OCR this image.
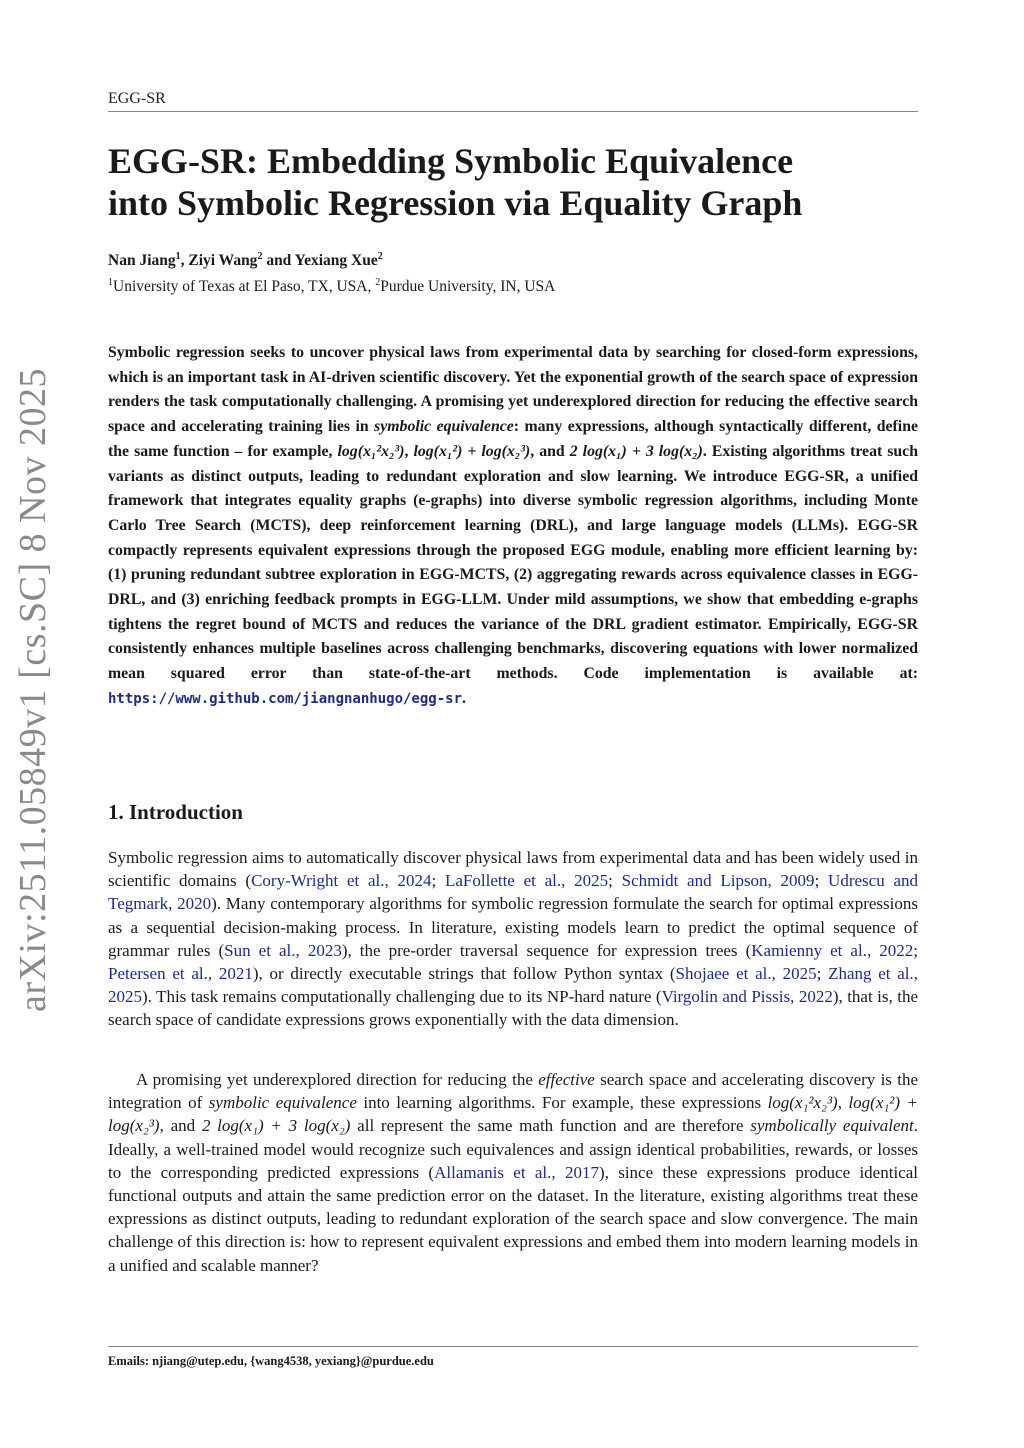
EGG-SR
EGG-SR: Embedding Symbolic Equivalence
into Symbolic Regression via Equality Graph
Nan Jiang$^1$, Ziyi Wang$^2$ and Yexiang Xue$^2$
$^1$University of Texas at El Paso, TX, USA, $^2$Purdue University, IN, USA

Symbolic regression seeks to uncover physical laws from experimental data by searching for closed-form expressions, which is an important task in AI-driven scientific discovery. Yet the exponential growth of the search space of expression renders the task computationally challenging. A promising yet underexplored direction for reducing the effective search space and accelerating training lies in symbolic equivalence: many expressions, although syntactically different, define the same function – for example, log(x₁²x₂³), log(x₁²) + log(x₂³), and 2 log(x₁) + 3 log(x₂). Existing algorithms treat such variants as distinct outputs, leading to redundant exploration and slow learning. We introduce EGG-SR, a unified framework that integrates equality graphs (e-graphs) into diverse symbolic regression algorithms, including Monte Carlo Tree Search (MCTS), deep reinforcement learning (DRL), and large language models (LLMs). EGG-SR compactly represents equivalent expressions through the proposed EGG module, enabling more efficient learning by: (1) pruning redundant subtree exploration in EGG-MCTS, (2) aggregating rewards across equivalence classes in EGG-DRL, and (3) enriching feedback prompts in EGG-LLM. Under mild assumptions, we show that embedding e-graphs tightens the regret bound of MCTS and reduces the variance of the DRL gradient estimator. Empirically, EGG-SR consistently enhances multiple baselines across challenging benchmarks, discovering equations with lower normalized mean squared error than state-of-the-art methods. Code implementation is available at: https://www.github.com/jiangnanhugo/egg-sr.

1. Introduction

Symbolic regression aims to automatically discover physical laws from experimental data and has been widely used in scientific domains (Cory-Wright et al., 2024; LaFollette et al., 2025; Schmidt and Lipson, 2009; Udrescu and Tegmark, 2020). Many contemporary algorithms for symbolic regression formulate the search for optimal expressions as a sequential decision-making process. In literature, existing models learn to predict the optimal sequence of grammar rules (Sun et al., 2023), the pre-order traversal sequence for expression trees (Kamienny et al., 2022; Petersen et al., 2021), or directly executable strings that follow Python syntax (Shojaee et al., 2025; Zhang et al., 2025). This task remains computationally challenging due to its NP-hard nature (Virgolin and Pissis, 2022), that is, the search space of candidate expressions grows exponentially with the data dimension.

A promising yet underexplored direction for reducing the effective search space and accelerating discovery is the integration of symbolic equivalence into learning algorithms. For example, these expressions log(x₁²x₂³), log(x₁²) + log(x₂³), and 2 log(x₁) + 3 log(x₂) all represent the same math function and are therefore symbolically equivalent. Ideally, a well-trained model would recognize such equivalences and assign identical probabilities, rewards, or losses to the corresponding predicted expressions (Allamanis et al., 2017), since these expressions produce identical functional outputs and attain the same prediction error on the dataset. In the literature, existing algorithms treat these expressions as distinct outputs, leading to redundant exploration of the search space and slow convergence. The main challenge of this direction is: how to represent equivalent expressions and embed them into modern learning models in a unified and scalable manner?

Emails: njiang@utep.edu, {wang4538, yexiang}@purdue.edu
arXiv:2511.05849v1 [cs.SC] 8 Nov 2025
